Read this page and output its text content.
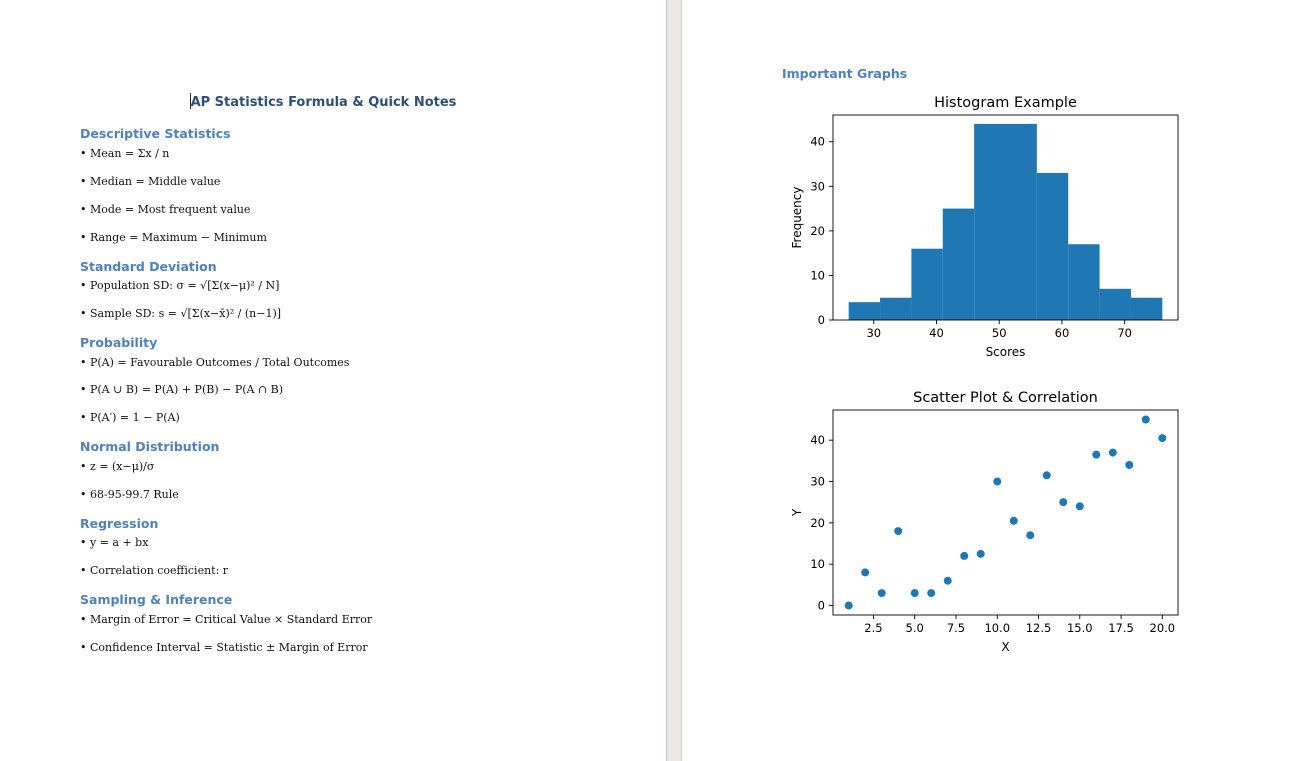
AP Statistics Formula & Quick Notes
Descriptive Statistics
• Mean = Σx / n
• Median = Middle value
• Mode = Most frequent value
• Range = Maximum − Minimum
Standard Deviation
• Population SD: σ = √[Σ(x−μ)² / N]
• Sample SD: s = √[Σ(x−x̄)² / (n−1)]
Probability
• P(A) = Favourable Outcomes / Total Outcomes
• P(A ∪ B) = P(A) + P(B) − P(A ∩ B)
• P(A′) = 1 − P(A)
Normal Distribution
• z = (x−μ)/σ
• 68-95-99.7 Rule
Regression
• y = a + bx
• Correlation coefficient: r
Sampling & Inference
• Margin of Error = Critical Value × Standard Error
• Confidence Interval = Statistic ± Margin of Error
Important Graphs
Histogram Example
30	40	50	60	70
0
10
20
30
40
Scores
Frequency
Scatter Plot & Correlation
2.5 5.0 7.5 10.0 12.5 15.0 17.5 20.0
0
10
20
30
40
X
Y
